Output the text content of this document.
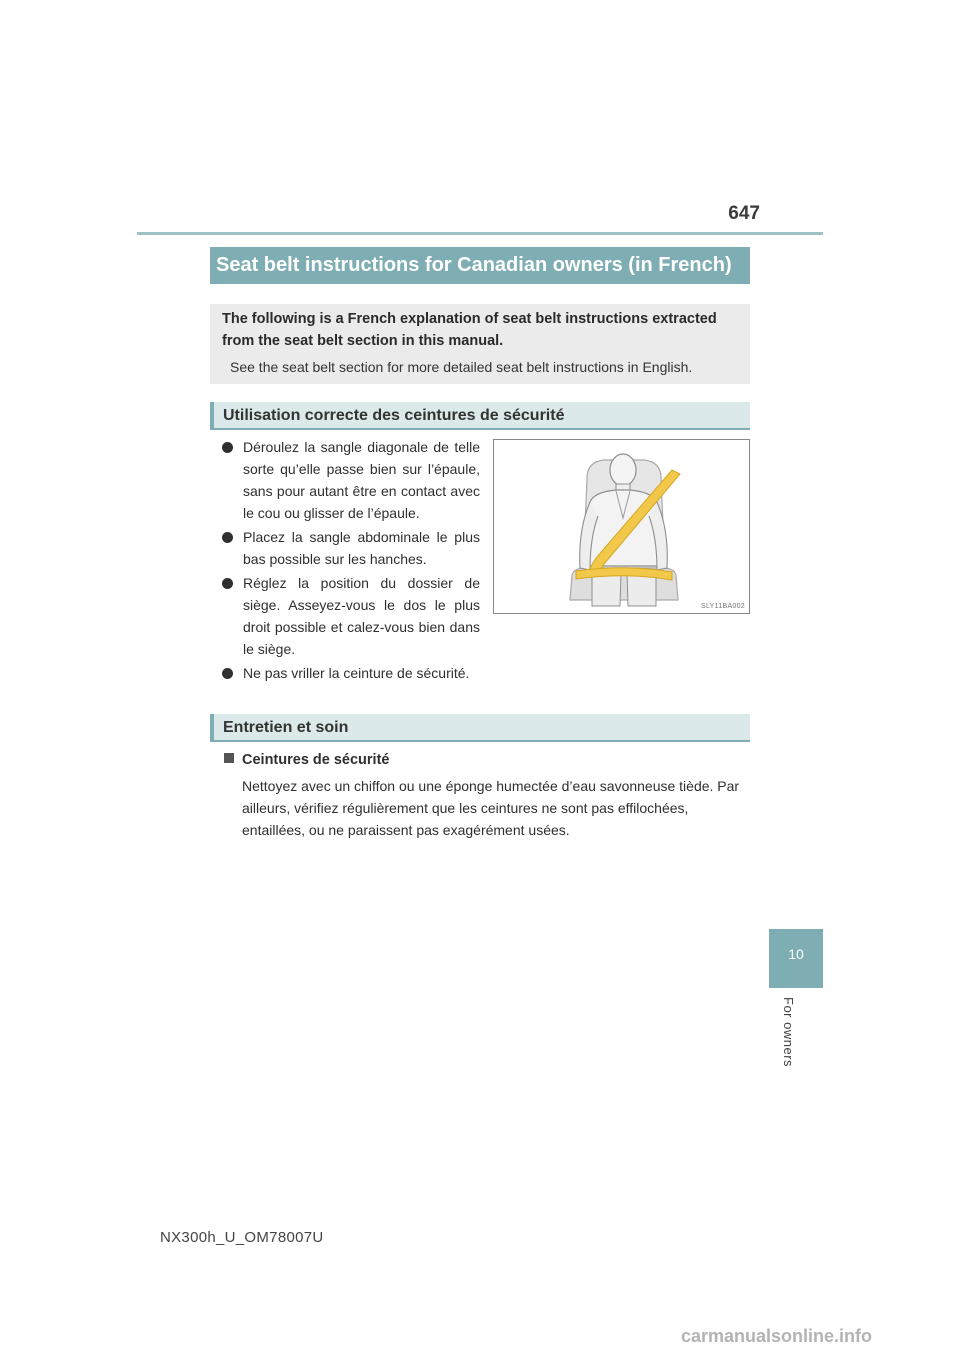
647
Seat belt instructions for Canadian owners (in French)
The following is a French explanation of seat belt instructions extracted from the seat belt section in this manual.
See the seat belt section for more detailed seat belt instructions in English.
Utilisation correcte des ceintures de sécurité
Déroulez la sangle diagonale de telle sorte qu’elle passe bien sur l’épaule, sans pour autant être en contact avec le cou ou glisser de l’épaule.
Placez la sangle abdominale le plus bas possible sur les hanches.
Réglez la position du dossier de siège. Asseyez-vous le dos le plus droit possible et calez-vous bien dans le siège.
Ne pas vriller la ceinture de sécurité.
SLY11BA002
Entretien et soin
Ceintures de sécurité
Nettoyez avec un chiffon ou une éponge humectée d’eau savonneuse tiède. Par ailleurs, vérifiez régulièrement que les ceintures ne sont pas effilochées, entaillées, ou ne paraissent pas exagérément usées.
10
For owners
NX300h_U_OM78007U
carmanualsonline.info
